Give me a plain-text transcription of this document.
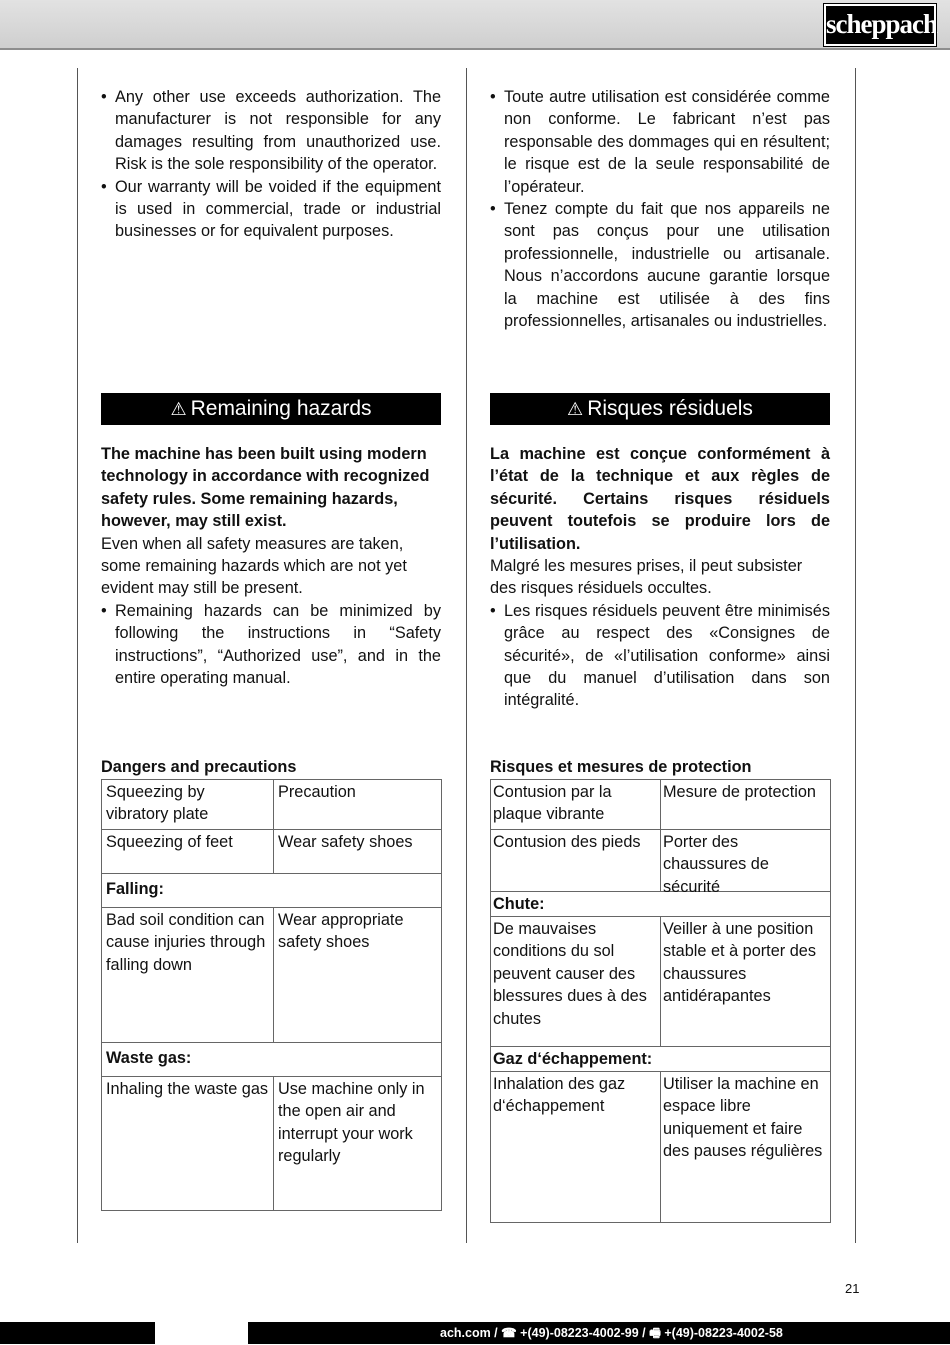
scheppach
• Any other use exceeds authorization. The manufacturer is not responsible for any damages resulting from unauthorized use. Risk is the sole responsibility of the operator.
• Our warranty will be voided if the equipment is used in commercial, trade or industrial businesses or for equivalent purposes.
⚠ Remaining hazards
The machine has been built using modern technology in accordance with recognized safety rules. Some remaining hazards, however, may still exist.
Even when all safety measures are taken, some remaining hazards which are not yet evident may still be present.
• Remaining hazards can be minimized by following the instructions in “Safety instructions”, “Authorized use”, and in the entire operating manual.
Dangers and precautions
Squeezing by vibratory plate
Precaution
Squeezing of feet	Wear safety shoes
Falling:
Bad soil condition can cause injuries through falling down
Wear appropriate safety shoes
Waste gas:
Inhaling the waste gas Use machine only in the open air and interrupt your work regularly
• Toute autre utilisation est considérée comme non conforme. Le fabricant n’est pas responsable des dommages qui en résultent; le risque est de la seule responsabilité de l’opérateur.
• Tenez compte du fait que nos appareils ne sont pas conçus pour une utilisation professionnelle, industrielle ou artisanale. Nous n’accordons aucune garantie lorsque la machine est utilisée à des fins professionnelles, artisanales ou industrielles.
⚠ Risques résiduels
La machine est conçue conformément à l’état de la technique et aux règles de sécurité. Certains risques résiduels peuvent toutefois se produire lors de l’utilisation.
Malgré les mesures prises, il peut subsister des risques résiduels occultes.
• Les risques résiduels peuvent être minimisés grâce au respect des «Consignes de sécurité», de «l’utilisation conforme» ainsi que du manuel d’utilisation dans son intégralité.
Risques et mesures de protection
Contusion par la plaque vibrante
Mesure de protection
Contusion des pieds	Porter des chaussures de sécurité
Chute:
De mauvaises conditions du sol peuvent causer des blessures dues à des chutes
Veiller à une position stable et à porter des chaussures antidérapantes
Gaz d‘échappement:
Inhalation des gaz d‘échappement
Utiliser la machine en espace libre uniquement et faire des pauses régulières
21
ach.com / ☎ +(49)-08223-4002-99 / 🖷 +(49)-08223-4002-58
